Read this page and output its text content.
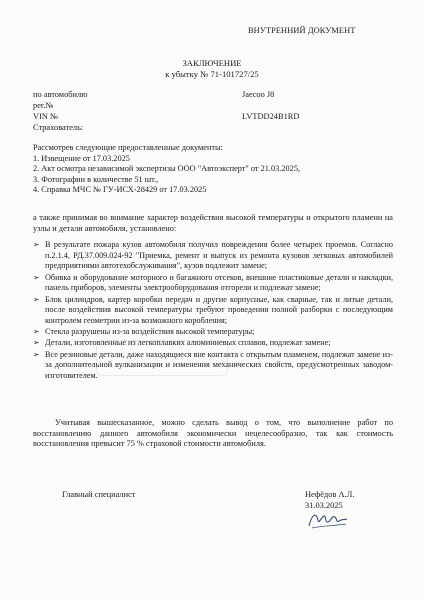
ВНУТРЕННИЙ ДОКУМЕНТ
ЗАКЛЮЧЕНИЕ
к убытку № 71-101727/25
по автомобилю	Jaecoo J8
рег.№
VIN №	LVTDD24B1RD
Страхователь:
Рассмотрев следующие предоставленные документы:
1. Извещение от 17.03.2025
2. Акт осмотра независимой экспертизы ООО "Автоэксперт" от 21.03.2025,
3. Фотографии в количестве 51 шт.,
4. Справка МЧС № ГУ-ИСХ-28429 от 17.03.2025
а также принимая во внимание характер воздействия высокой температуры и открытого пламени на узлы и детали автомобиля, установлено:
➢ В результате пожара кузов автомобиля получил повреждения более четырех проемов. Согласно п.2.1.4, РД.37.009.024-92 "Приемка, ремент и выпуск из ремонта кузовов легковых автомобилей предприятиями автотехобслуживания", кузов подлежит замене;
➢ Обивка и оборудование моторного и багажного отсеков, внешние пластиковые детали и накладки, панель приборов, элементы электрооборудования отгорели и подлежат замене;
➢ Блок цилиндров, картер коробки передач и другие корпусные, как сварные, так и литые детали, после воздействия высокой температуры требуют проведения полной разборки с последующим контролем геометрии из-за возможного коробления;
➢ Стекла разрушены из-за воздействия высокой температуры;
➢ Детали, изготовленные из легкоплавких алюминиевых сплавов, подлежат замене;
➢ Все резиновые детали, даже находящиеся вне контакта с открытым пламенем, подлежат замене из-за дополнительной вулканизации и изменения механических свойств, предусмотренных заводом-изготовителем.
Учитывая вышесказанное, можно сделать вывод о том, что выполнение работ по восстановлению данного автомобиля экономически нецелесообразно, так как стоимость восстановления превысит 75 % страховой стоимости автомобиля.
Главный специалист	Нефёдов А.Л.
31.03.2025
